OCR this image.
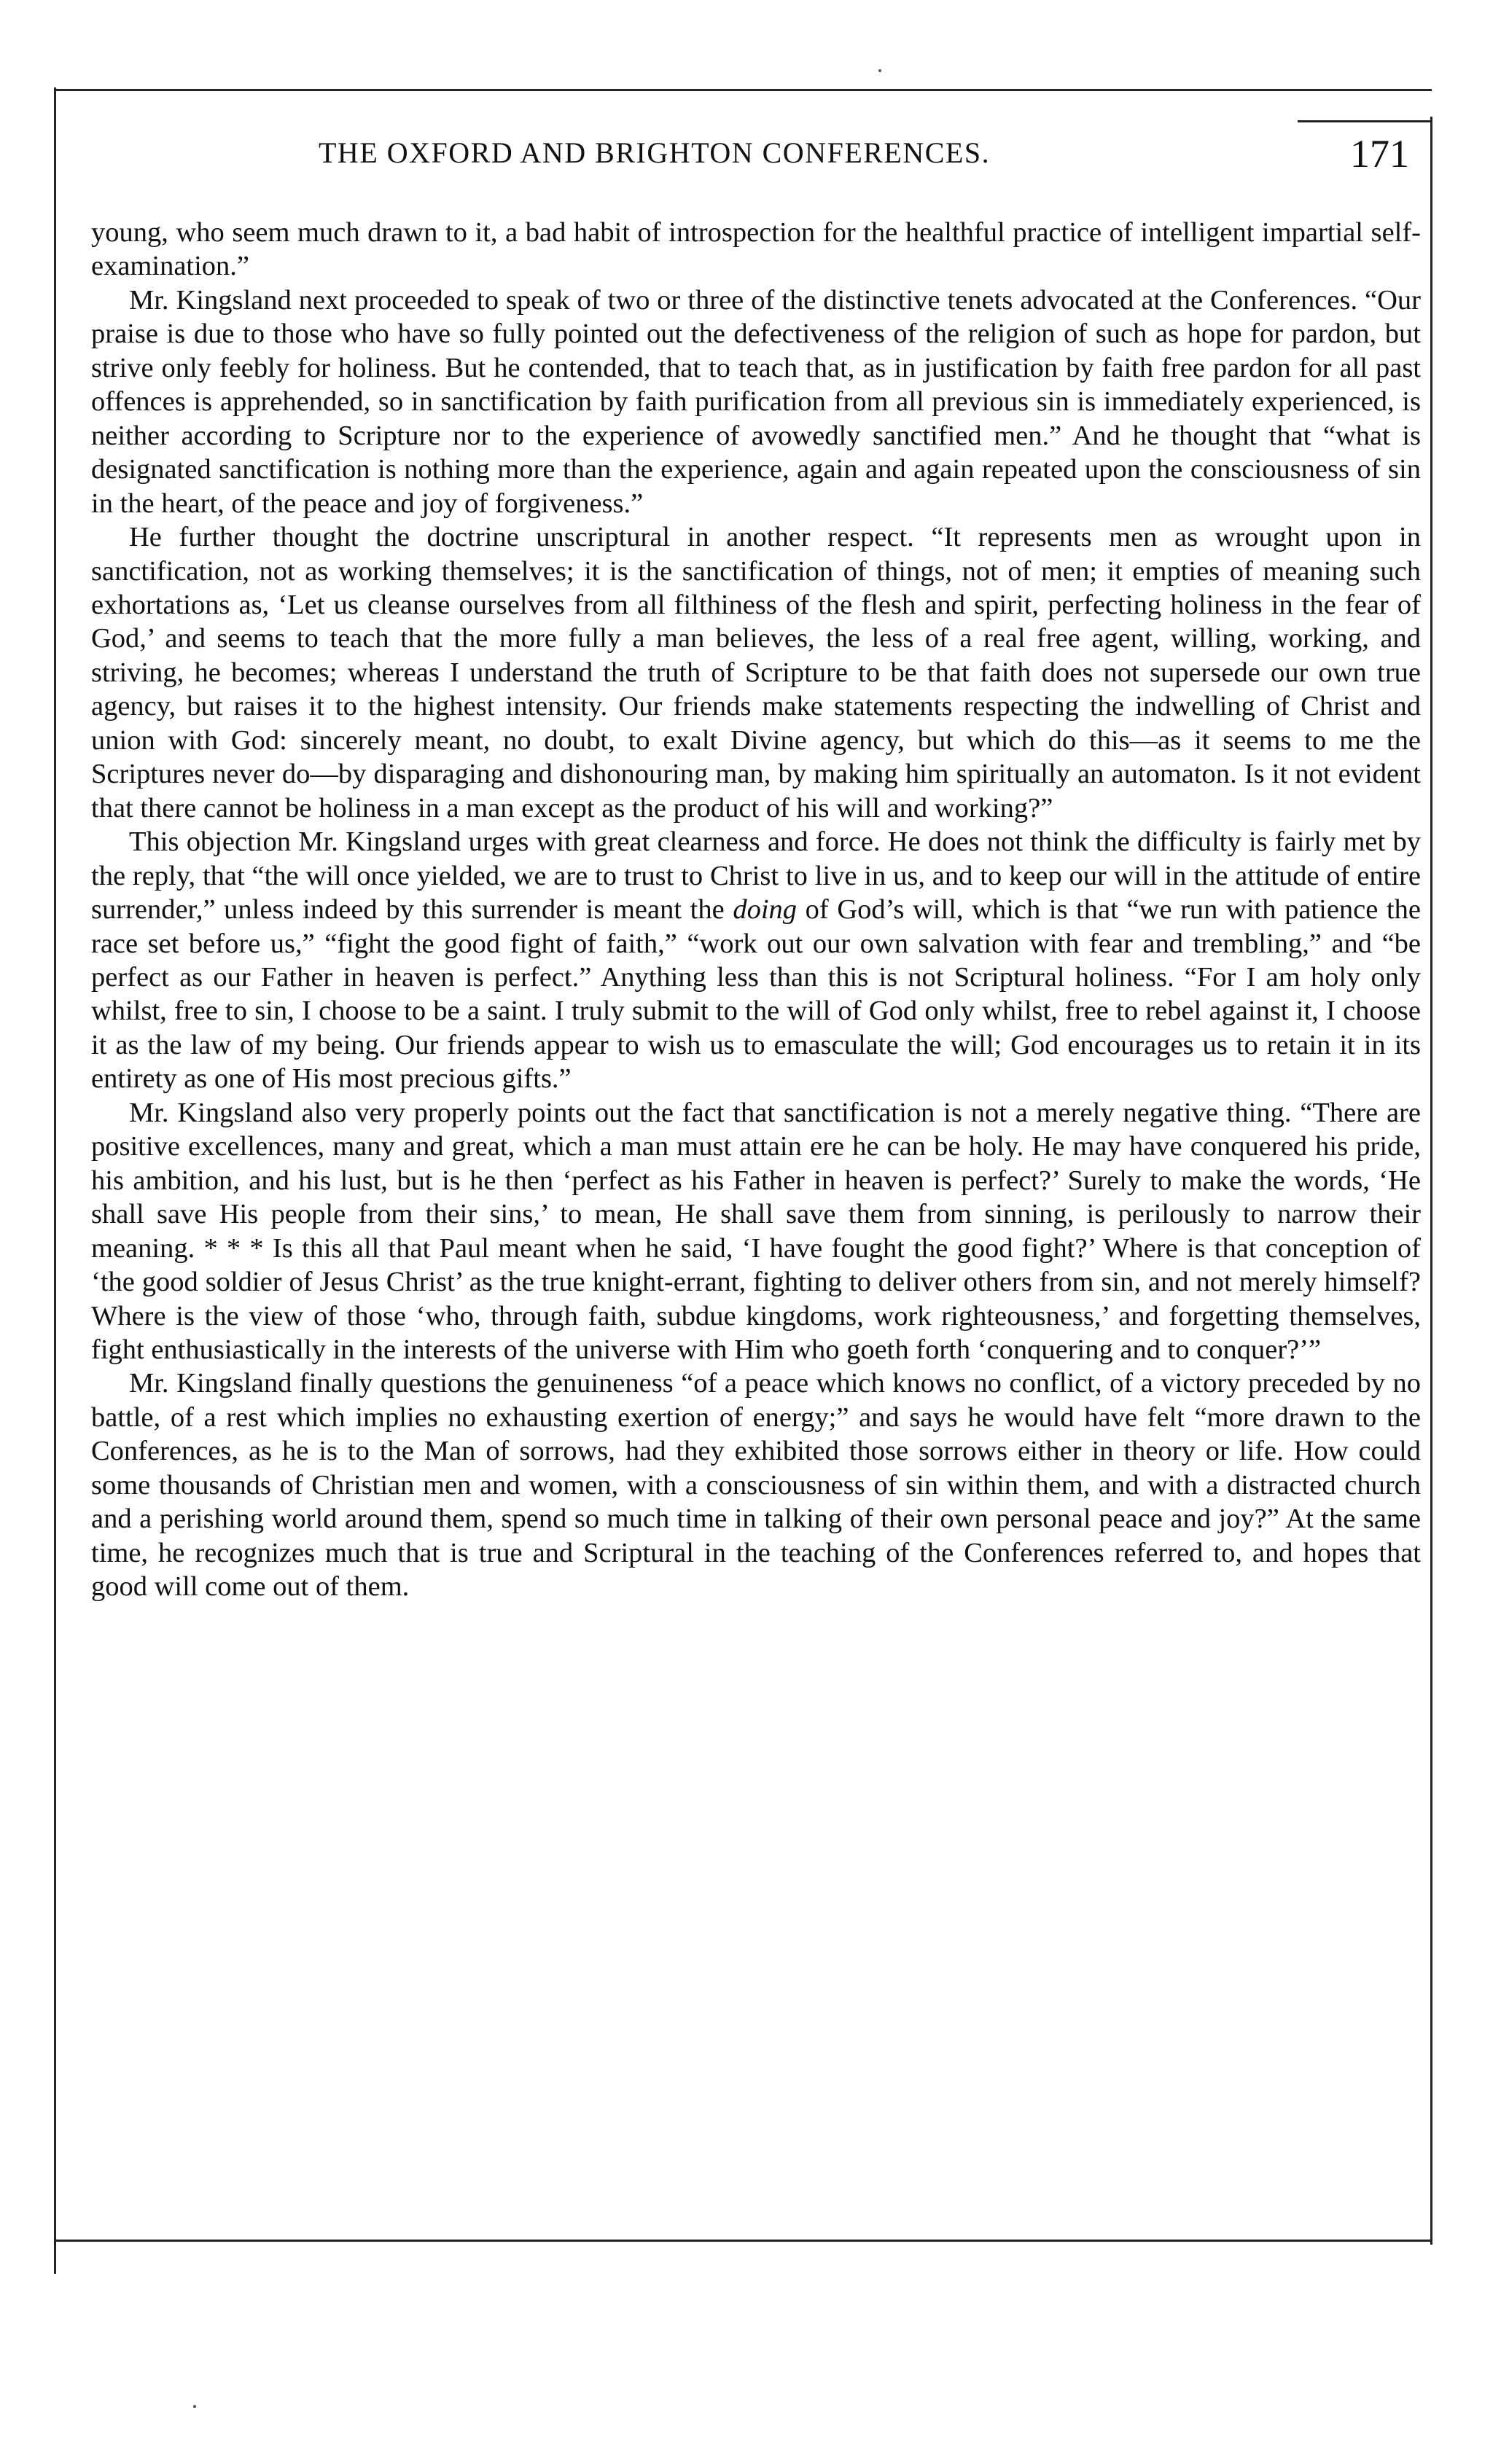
THE OXFORD AND BRIGHTON CONFERENCES.	171

young, who seem much drawn to it, a bad habit of introspection for the healthful practice of intelligent impartial self-examination.”

Mr. Kingsland next proceeded to speak of two or three of the distinctive tenets advocated at the Conferences. “Our praise is due to those who have so fully pointed out the defectiveness of the religion of such as hope for pardon, but strive only feebly for holiness. But he contended, that to teach that, as in justification by faith free pardon for all past offences is apprehended, so in sanctification by faith purification from all previous sin is immediately experienced, is neither according to Scripture nor to the experience of avowedly sanctified men.” And he thought that “what is designated sanctification is nothing more than the experience, again and again repeated upon the consciousness of sin in the heart, of the peace and joy of forgiveness.”

He further thought the doctrine unscriptural in another respect. “It represents men as wrought upon in sanctification, not as working themselves; it is the sanctification of things, not of men; it empties of meaning such exhortations as, ‘Let us cleanse ourselves from all filthiness of the flesh and spirit, perfecting holiness in the fear of God,’ and seems to teach that the more fully a man believes, the less of a real free agent, willing, working, and striving, he becomes; whereas I understand the truth of Scripture to be that faith does not supersede our own true agency, but raises it to the highest intensity. Our friends make statements respecting the indwelling of Christ and union with God: sincerely meant, no doubt, to exalt Divine agency, but which do this—as it seems to me the Scriptures never do—by disparaging and dishonouring man, by making him spiritually an automaton. Is it not evident that there cannot be holiness in a man except as the product of his will and working?”

This objection Mr. Kingsland urges with great clearness and force. He does not think the difficulty is fairly met by the reply, that “the will once yielded, we are to trust to Christ to live in us, and to keep our will in the attitude of entire surrender,” unless indeed by this surrender is meant the doing of God’s will, which is that “we run with patience the race set before us,” “fight the good fight of faith,” “work out our own salvation with fear and trembling,” and “be perfect as our Father in heaven is perfect.” Anything less than this is not Scriptural holiness. “For I am holy only whilst, free to sin, I choose to be a saint. I truly submit to the will of God only whilst, free to rebel against it, I choose it as the law of my being. Our friends appear to wish us to emasculate the will; God encourages us to retain it in its entirety as one of His most precious gifts.”

Mr. Kingsland also very properly points out the fact that sanctification is not a merely negative thing. “There are positive excellences, many and great, which a man must attain ere he can be holy. He may have conquered his pride, his ambition, and his lust, but is he then ‘perfect as his Father in heaven is perfect?’ Surely to make the words, ‘He shall save His people from their sins,’ to mean, He shall save them from sinning, is perilously to narrow their meaning. * * * Is this all that Paul meant when he said, ‘I have fought the good fight?’ Where is that conception of ‘the good soldier of Jesus Christ’ as the true knight-errant, fighting to deliver others from sin, and not merely himself? Where is the view of those ‘who, through faith, subdue kingdoms, work righteousness,’ and forgetting themselves, fight enthusiastically in the interests of the universe with Him who goeth forth ‘conquering and to conquer?’”

Mr. Kingsland finally questions the genuineness “of a peace which knows no conflict, of a victory preceded by no battle, of a rest which implies no exhausting exertion of energy;” and says he would have felt “more drawn to the Conferences, as he is to the Man of sorrows, had they exhibited those sorrows either in theory or life. How could some thousands of Christian men and women, with a consciousness of sin within them, and with a distracted church and a perishing world around them, spend so much time in talking of their own personal peace and joy?” At the same time, he recognizes much that is true and Scriptural in the teaching of the Conferences referred to, and hopes that good will come out of them.
